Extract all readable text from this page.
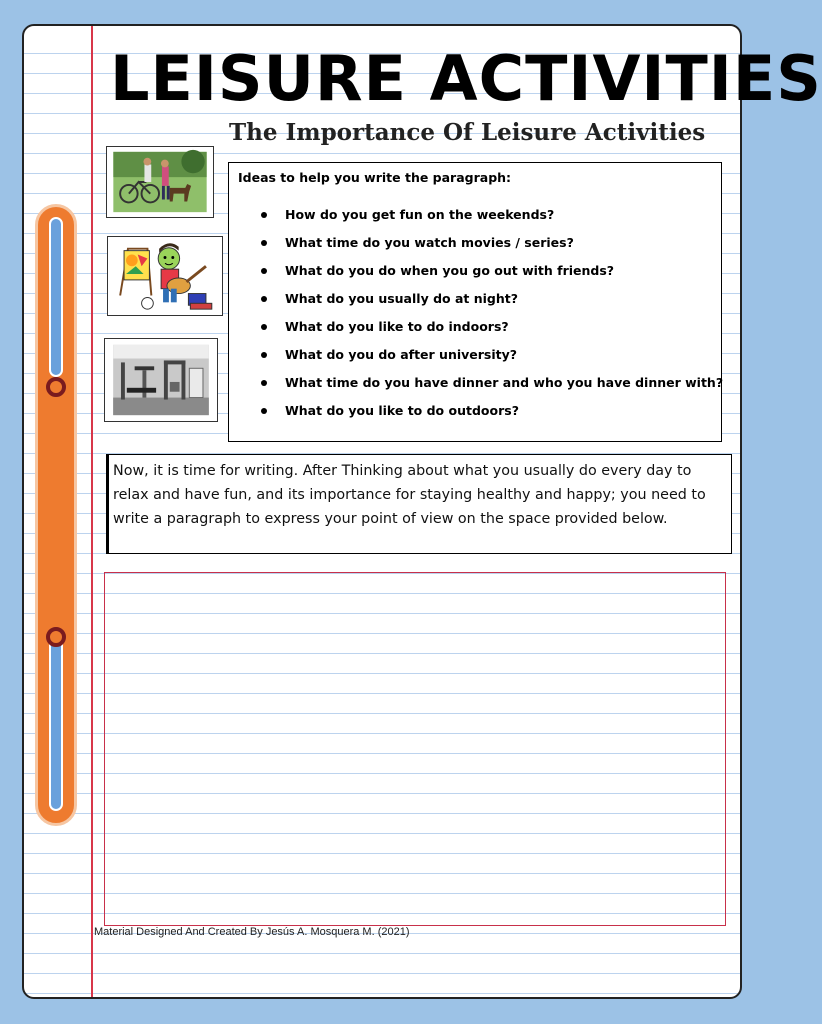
LEISURE ACTIVITIES
The Importance Of Leisure Activities

Ideas to help you write the paragraph:

How do you get fun on the weekends?
What time do you watch movies / series?
What do you do when you go out with friends?
What do you usually do at night?
What do you like to do indoors?
What do you do after university?
What time do you have dinner and who you have dinner with?
What do you like to do outdoors?
Now, it is time for writing. After Thinking about what you usually do every day to relax and have fun, and its importance for staying healthy and happy; you need to write a paragraph to express your point of view on the space provided below.

Material Designed And Created By Jesús A. Mosquera M. (2021)
